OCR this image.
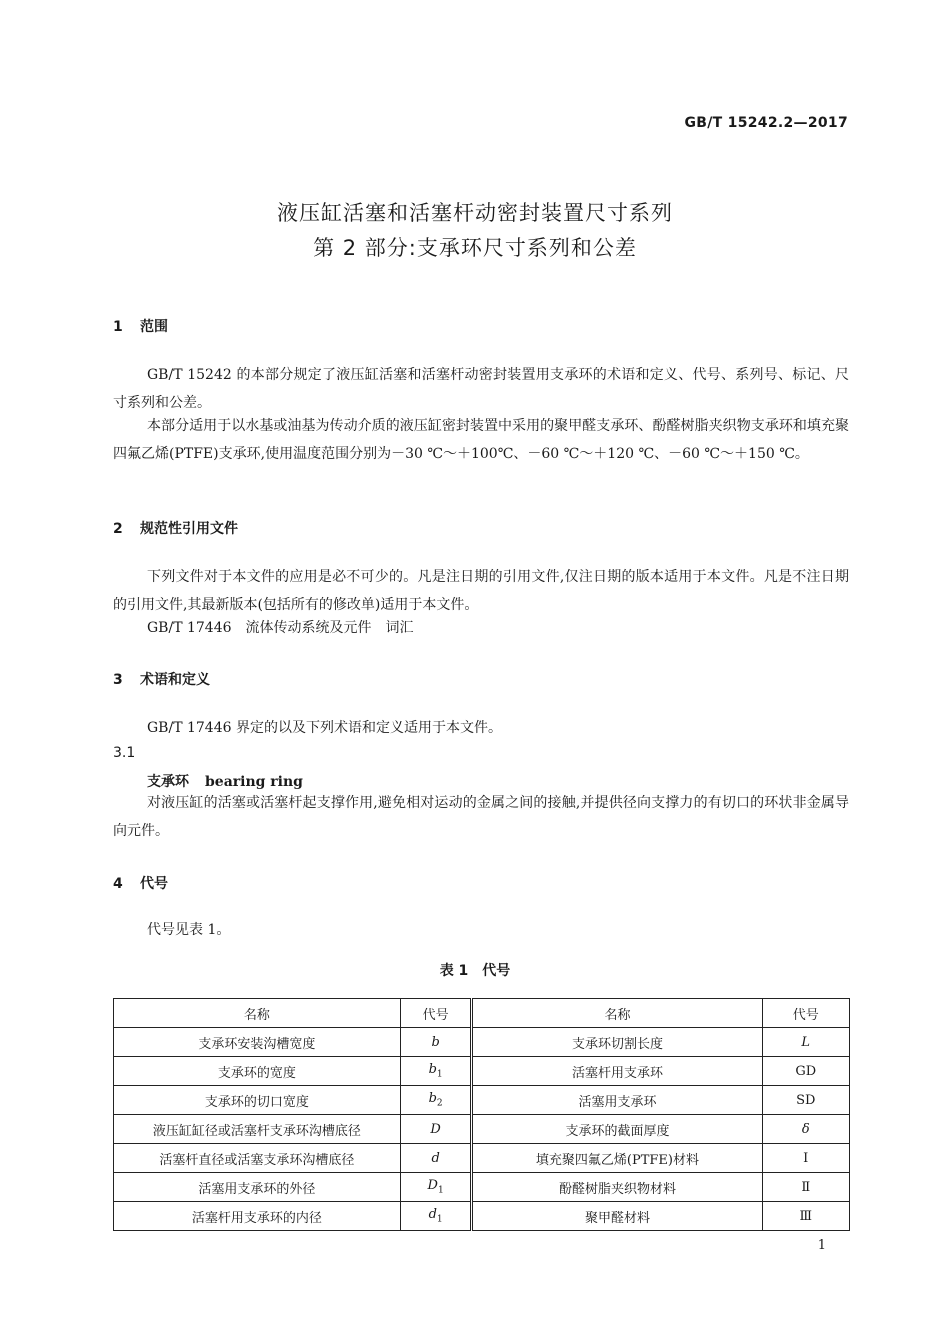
GB/T 15242.2—2017
液压缸活塞和活塞杆动密封装置尺寸系列
第 2 部分:支承环尺寸系列和公差
1 范围
GB/T 15242 的本部分规定了液压缸活塞和活塞杆动密封装置用支承环的术语和定义、代号、系列号、标记、尺寸系列和公差。
本部分适用于以水基或油基为传动介质的液压缸密封装置中采用的聚甲醛支承环、酚醛树脂夹织物支承环和填充聚四氟乙烯(PTFE)支承环,使用温度范围分别为－30 ℃～＋100℃、－60 ℃～＋120 ℃、－60 ℃～＋150 ℃。
2 规范性引用文件
下列文件对于本文件的应用是必不可少的。凡是注日期的引用文件,仅注日期的版本适用于本文件。凡是不注日期的引用文件,其最新版本(包括所有的修改单)适用于本文件。
GB/T 17446　流体传动系统及元件　词汇
3 术语和定义
GB/T 17446 界定的以及下列术语和定义适用于本文件。
3.1
支承环 bearing ring
对液压缸的活塞或活塞杆起支撑作用,避免相对运动的金属之间的接触,并提供径向支撑力的有切口的环状非金属导向元件。
4 代号
代号见表 1。
表 1　代号
名称	代号	名称	代号
支承环安装沟槽宽度	b	支承环切割长度	L
支承环的宽度	$b_1$	活塞杆用支承环	GD
支承环的切口宽度	$b_2$	活塞用支承环	SD
液压缸缸径或活塞杆支承环沟槽底径	D	支承环的截面厚度	δ
活塞杆直径或活塞支承环沟槽底径	d	填充聚四氟乙烯(PTFE)材料	Ⅰ
活塞用支承环的外径	$D_1$	酚醛树脂夹织物材料	Ⅱ
活塞杆用支承环的内径	$d_1$	聚甲醛材料	Ⅲ
1
